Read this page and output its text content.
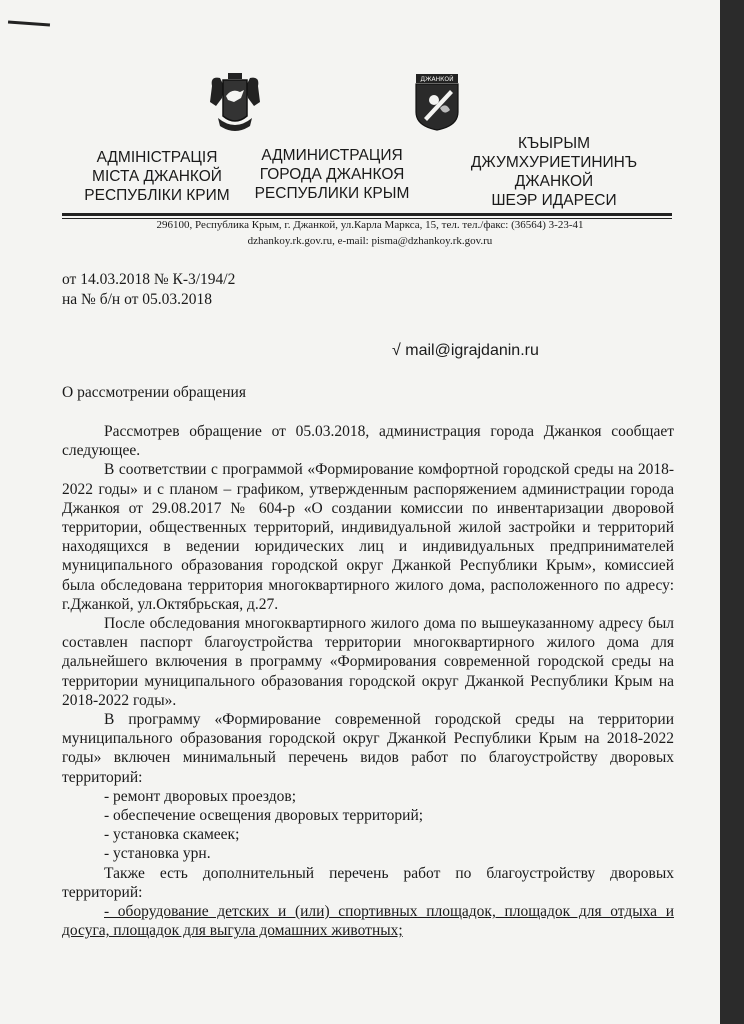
ДЖАНКОЙ
АДМІНІСТРАЦІЯ
МІСТА ДЖАНКОЙ
РЕСПУБЛІКИ КРИМ
АДМИНИСТРАЦИЯ
ГОРОДА ДЖАНКОЯ
РЕСПУБЛИКИ КРЫМ
КЪЫРЫМ
ДЖУМХУРИЕТИНИНЪ
ДЖАНКОЙ
ШЕЭР ИДАРЕСИ
296100, Республика Крым, г. Джанкой, ул.Карла Маркса, 15, тел. тел./факс: (36564) 3-23-41
dzhankoy.rk.gov.ru, e-mail: pisma@dzhankoy.rk.gov.ru
от 14.03.2018 № К-3/194/2
на № б/н от 05.03.2018
√ mail@igrajdanin.ru
О рассмотрении обращения

Рассмотрев обращение от 05.03.2018, администрация города Джанкоя сообщает следующее.

В соответствии с программой «Формирование комфортной городской среды на 2018-2022 годы» и с планом – графиком, утвержденным распоряжением администрации города Джанкоя от 29.08.2017 № 604-р «О создании комиссии по инвентаризации дворовой территории, общественных территорий, индивидуальной жилой застройки и территорий находящихся в ведении юридических лиц и индивидуальных предпринимателей муниципального образования городской округ Джанкой Республики Крым», комиссией была обследована территория многоквартирного жилого дома, расположенного по адресу: г.Джанкой, ул.Октябрьская, д.27.

После обследования многоквартирного жилого дома по вышеуказанному адресу был составлен паспорт благоустройства территории многоквартирного жилого дома для дальнейшего включения в программу «Формирования современной городской среды на территории муниципального образования городской округ Джанкой Республики Крым на 2018-2022 годы».

В программу «Формирование современной городской среды на территории муниципального образования городской округ Джанкой Республики Крым на 2018-2022 годы» включен минимальный перечень видов работ по благоустройству дворовых территорий:

- ремонт дворовых проездов;

- обеспечение освещения дворовых территорий;

- установка скамеек;

- установка урн.

Также есть дополнительный перечень работ по благоустройству дворовых территорий:

- оборудование детских и (или) спортивных площадок, площадок для отдыха и досуга, площадок для выгула домашних животных;
